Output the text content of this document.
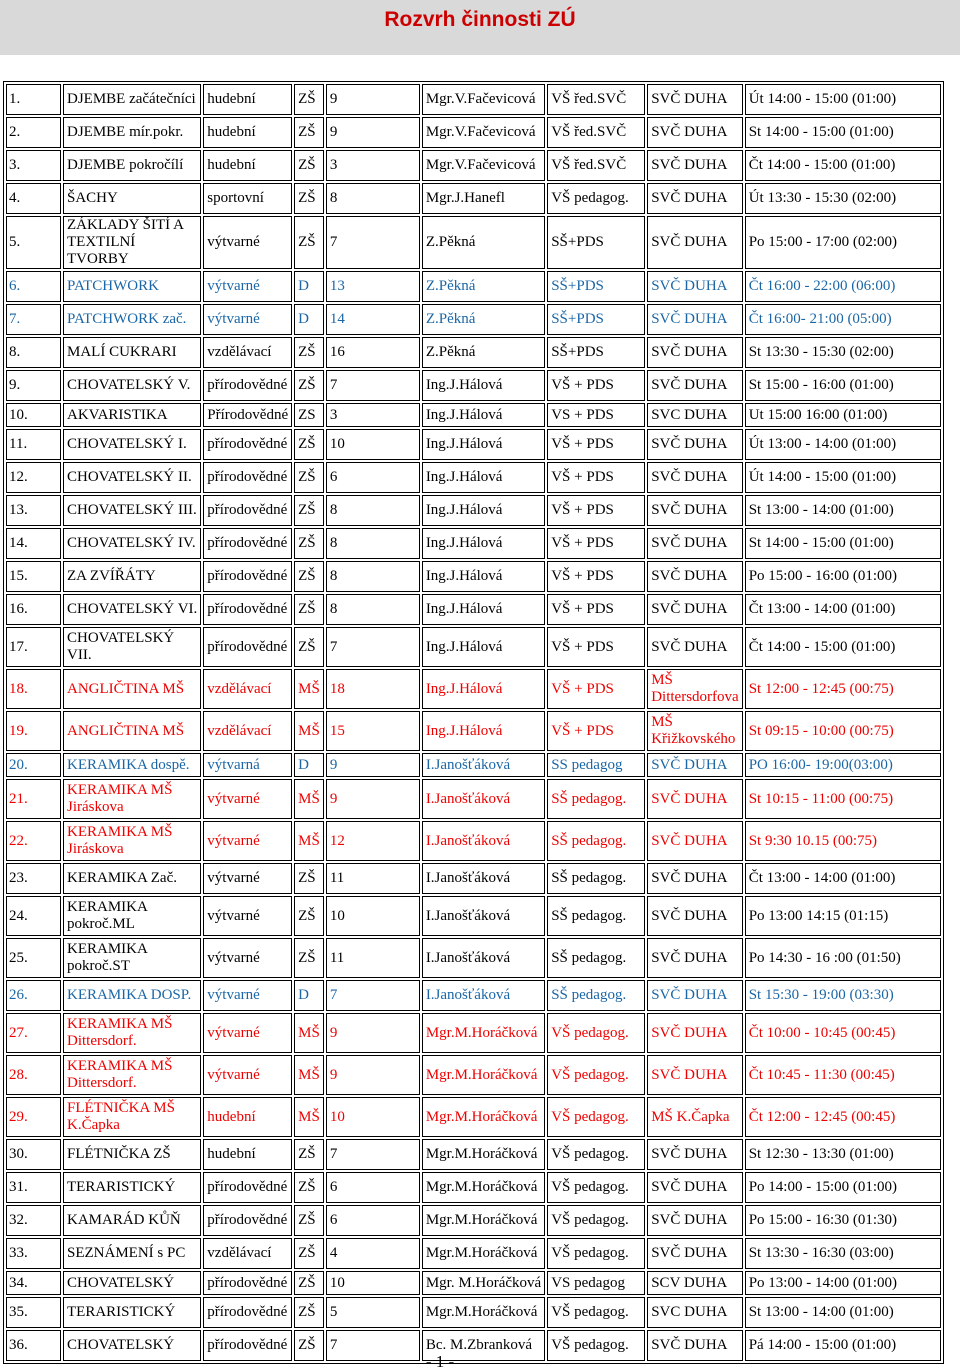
Rozvrh činnosti ZÚ
1.	DJEMBE začátečníci	hudební	ZŠ	9	Mgr.V.Fačevicová	VŠ řed.SVČ	SVČ DUHA	Út 14:00 - 15:00 (01:00)
2.	DJEMBE mír.pokr.	hudební	ZŠ	9	Mgr.V.Fačevicová	VŠ řed.SVČ	SVČ DUHA	St 14:00 - 15:00 (01:00)
3.	DJEMBE pokročílí	hudební	ZŠ	3	Mgr.V.Fačevicová	VŠ řed.SVČ	SVČ DUHA	Čt 14:00 - 15:00 (01:00)
4.	ŠACHY	sportovní	ZŠ	8	Mgr.J.Hanefl	VŠ pedagog.	SVČ DUHA	Út 13:30 - 15:30 (02:00)
5.	ZÁKLADY ŠITÍ A TEXTILNÍ TVORBY	výtvarné	ZŠ	7	Z.Pěkná	SŠ+PDS	SVČ DUHA	Po 15:00 - 17:00 (02:00)
6.	PATCHWORK	výtvarné	D	13	Z.Pěkná	SŠ+PDS	SVČ DUHA	Čt 16:00 - 22:00 (06:00)
7.	PATCHWORK zač.	výtvarné	D	14	Z.Pěkná	SŠ+PDS	SVČ DUHA	Čt 16:00- 21:00 (05:00)
8.	MALÍ CUKRARI	vzdělávací	ZŠ	16	Z.Pěkná	SŠ+PDS	SVČ DUHA	St 13:30 - 15:30 (02:00)
9.	CHOVATELSKÝ V.	přírodovědné	ZŠ	7	Ing.J.Hálová	VŠ + PDS	SVČ DUHA	St 15:00 - 16:00 (01:00)
10.	AKVARISTIKA	Přírodovědné	ZS	3	Ing.J.Hálová	VS + PDS	SVC DUHA	Ut 15:00 16:00 (01:00)
11.	CHOVATELSKÝ I.	přírodovědné	ZŠ	10	Ing.J.Hálová	VŠ + PDS	SVČ DUHA	Út 13:00 - 14:00 (01:00)
12.	CHOVATELSKÝ II.	přírodovědné	ZŠ	6	Ing.J.Hálová	VŠ + PDS	SVČ DUHA	Út 14:00 - 15:00 (01:00)
13.	CHOVATELSKÝ III.	přírodovědné	ZŠ	8	Ing.J.Hálová	VŠ + PDS	SVČ DUHA	St 13:00 - 14:00 (01:00)
14.	CHOVATELSKÝ IV.	přírodovědné	ZŠ	8	Ing.J.Hálová	VŠ + PDS	SVČ DUHA	St 14:00 - 15:00 (01:00)
15.	ZA ZVÍŘÁTY	přírodovědné	ZŠ	8	Ing.J.Hálová	VŠ + PDS	SVČ DUHA	Po 15:00 - 16:00 (01:00)
16.	CHOVATELSKÝ VI.	přírodovědné	ZŠ	8	Ing.J.Hálová	VŠ + PDS	SVČ DUHA	Čt 13:00 - 14:00 (01:00)
17.	CHOVATELSKÝ VII.	přírodovědné	ZŠ	7	Ing.J.Hálová	VŠ + PDS	SVČ DUHA	Čt 14:00 - 15:00 (01:00)
18.	ANGLIČTINA MŠ	vzdělávací	MŠ	18	Ing.J.Hálová	VŠ + PDS	MŠ Dittersdorfova	St 12:00 - 12:45 (00:75)
19.	ANGLIČTINA MŠ	vzdělávací	MŠ	15	Ing.J.Hálová	VŠ + PDS	MŠ Křižkovského	St 09:15 - 10:00 (00:75)
20.	KERAMIKA dospě.	výtvarná	D	9	I.Janošťáková	SS pedagog	SVČ DUHA	PO 16:00- 19:00(03:00)
21.	KERAMIKA MŠ Jiráskova	výtvarné	MŠ	9	I.Janošťáková	SŠ pedagog.	SVČ DUHA	St 10:15 - 11:00 (00:75)
22.	KERAMIKA MŠ Jiráskova	výtvarné	MŠ	12	I.Janošťáková	SŠ pedagog.	SVČ DUHA	St 9:30 10.15 (00:75)
23.	KERAMIKA Zač.	výtvarné	ZŠ	11	I.Janošťáková	SŠ pedagog.	SVČ DUHA	Čt 13:00 - 14:00 (01:00)
24.	KERAMIKA pokroč.ML	výtvarné	ZŠ	10	I.Janošťáková	SŠ pedagog.	SVČ DUHA	Po 13:00 14:15 (01:15)
25.	KERAMIKA pokroč.ST	výtvarné	ZŠ	11	I.Janošťáková	SŠ pedagog.	SVČ DUHA	Po 14:30 - 16 :00 (01:50)
26.	KERAMIKA DOSP.	výtvarné	D	7	I.Janošťáková	SŠ pedagog.	SVČ DUHA	St 15:30 - 19:00 (03:30)
27.	KERAMIKA MŠ Dittersdorf.	výtvarné	MŠ	9	Mgr.M.Horáčková	VŠ pedagog.	SVČ DUHA	Čt 10:00 - 10:45 (00:45)
28.	KERAMIKA MŠ Dittersdorf.	výtvarné	MŠ	9	Mgr.M.Horáčková	VŠ pedagog.	SVČ DUHA	Čt 10:45 - 11:30 (00:45)
29.	FLÉTNIČKA MŠ K.Čapka	hudební	MŠ	10	Mgr.M.Horáčková	VŠ pedagog.	MŠ K.Čapka	Čt 12:00 - 12:45 (00:45)
30.	FLÉTNIČKA ZŠ	hudební	ZŠ	7	Mgr.M.Horáčková	VŠ pedagog.	SVČ DUHA	St 12:30 - 13:30 (01:00)
31.	TERARISTICKÝ	přírodovědné	ZŠ	6	Mgr.M.Horáčková	VŠ pedagog.	SVČ DUHA	Po 14:00 - 15:00 (01:00)
32.	KAMARÁD KŮŇ	přírodovědné	ZŠ	6	Mgr.M.Horáčková	VŠ pedagog.	SVČ DUHA	Po 15:00 - 16:30 (01:30)
33.	SEZNÁMENÍ s PC	vzdělávací	ZŠ	4	Mgr.M.Horáčková	VŠ pedagog.	SVČ DUHA	St 13:30 - 16:30 (03:00)
34.	CHOVATELSKÝ	přírodovědné	ZŠ	10	Mgr. M.Horáčková	VS pedagog	SCV DUHA	Po 13:00 - 14:00 (01:00)
35.	TERARISTICKÝ	přírodovědné	ZŠ	5	Mgr.M.Horáčková	VŠ pedagog.	SVC DUHA	St 13:00 - 14:00 (01:00)
36.	CHOVATELSKÝ	přírodovědné	ZŠ	7	Bc. M.Zbranková	VŠ pedagog.	SVČ DUHA	Pá 14:00 - 15:00 (01:00)
- 1 -
